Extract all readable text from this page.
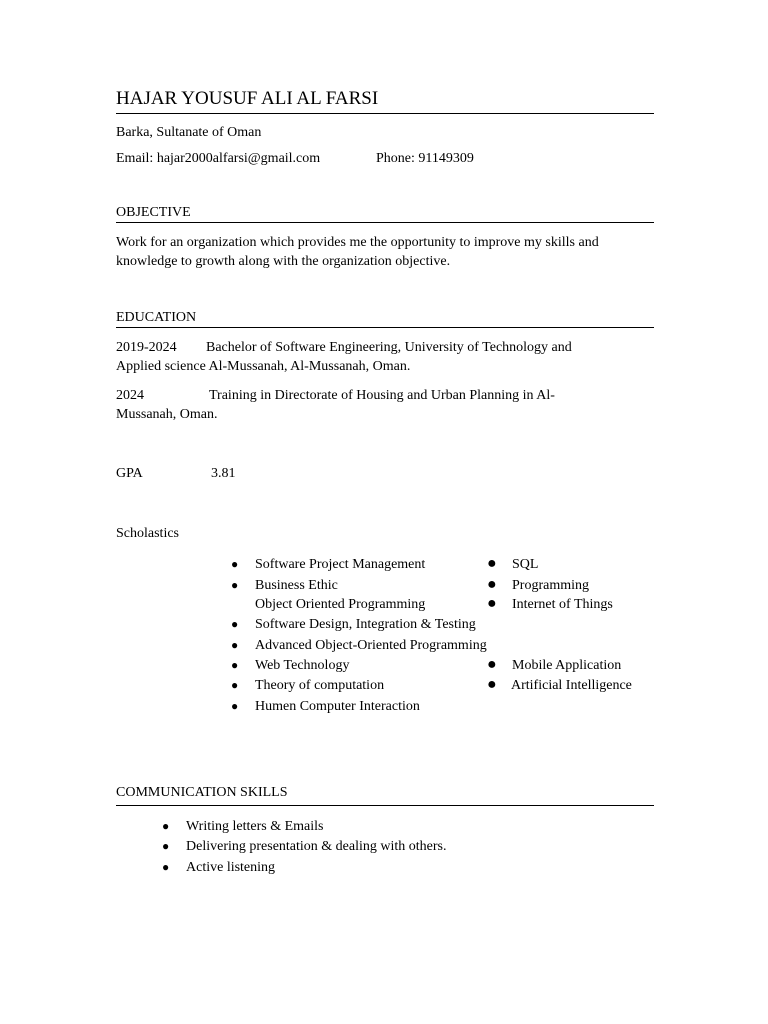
HAJAR YOUSUF ALI AL FARSI
Barka, Sultanate of Oman
Email: hajar2000alfarsi@gmail.com	Phone: 91149309
OBJECTIVE
Work for an organization which provides me the opportunity to improve my skills and knowledge to growth along with the organization objective.
EDUCATION
2019-2024 Bachelor of Software Engineering, University of Technology and
Applied science Al-Mussanah, Al-Mussanah, Oman.
2024	Training in Directorate of Housing and Urban Planning in Al-
Mussanah, Oman.
GPA	3.81
Scholastics
● Software Project Management
● Business Ethic
Object Oriented Programming
● Software Design, Integration & Testing
● Advanced Object-Oriented Programming
● Web Technology
● Theory of computation
● Humen Computer Interaction
● SQL
● Programming
● Internet of Things
● Mobile Application
● Artificial Intelligence
COMMUNICATION SKILLS
● Writing letters & Emails
● Delivering presentation & dealing with others.
● Active listening
